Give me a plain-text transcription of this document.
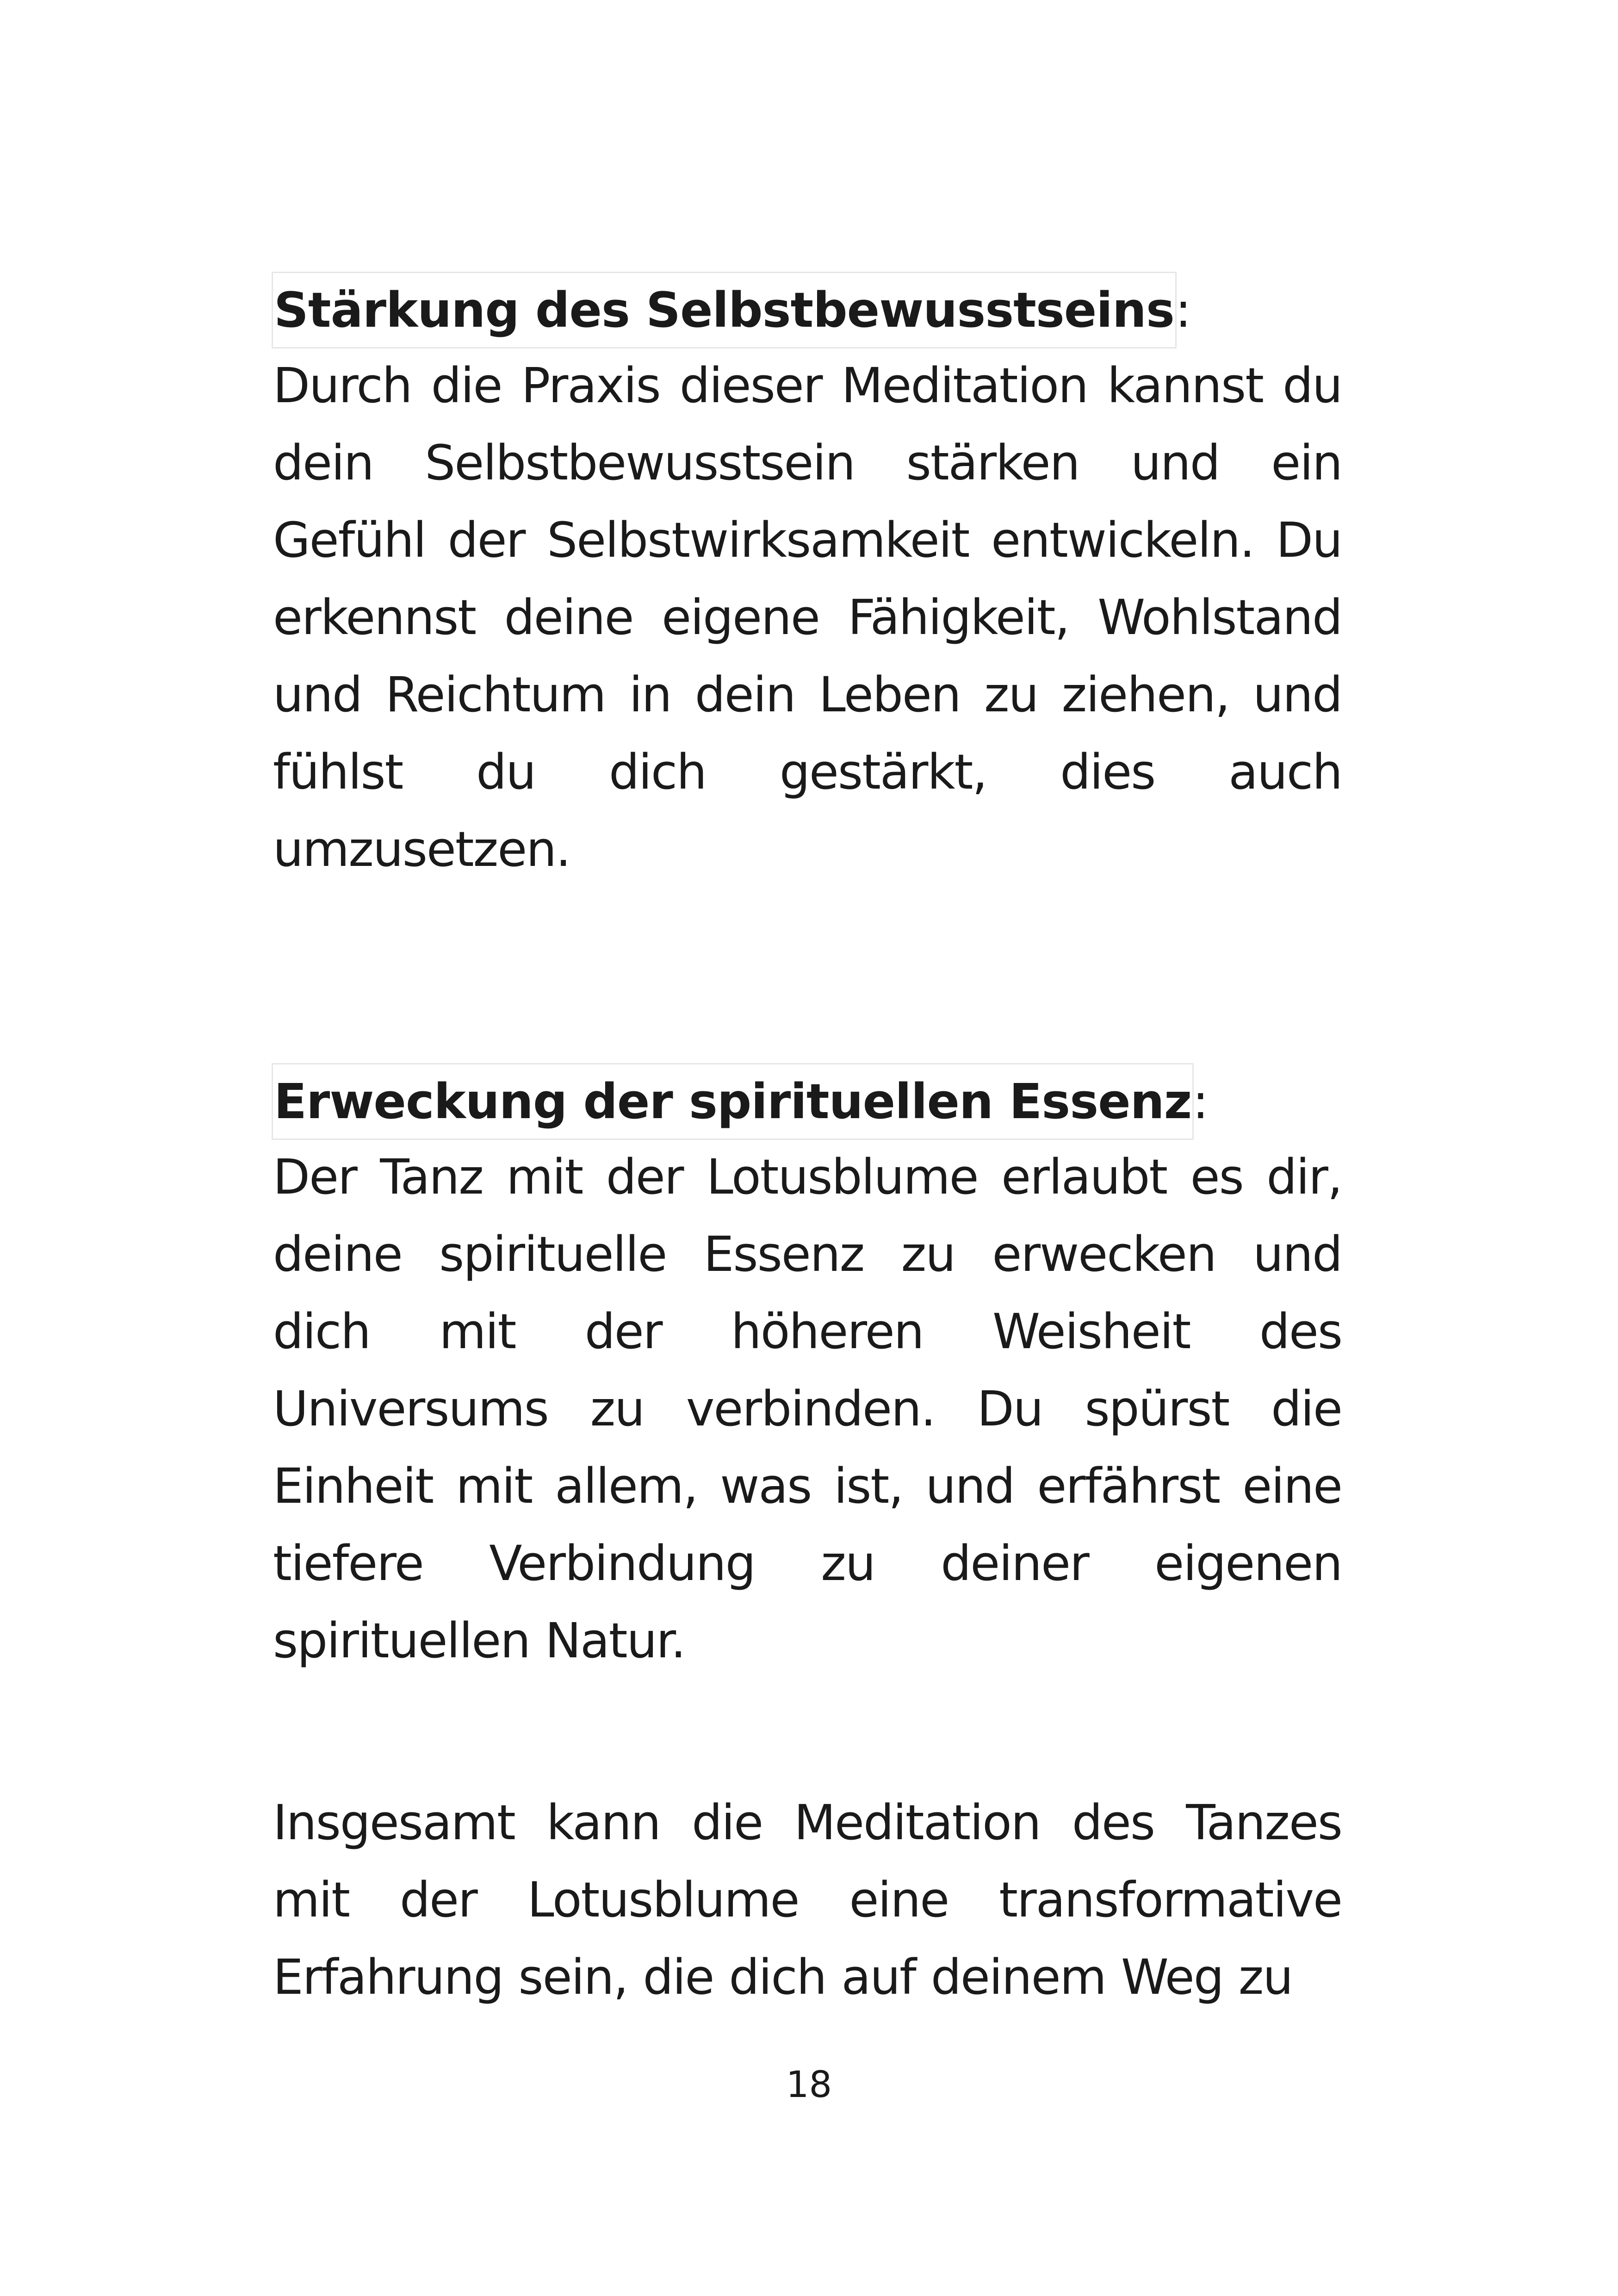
Stärkung des Selbstbewusstseins:

Durch die Praxis dieser Meditation kannst du dein Selbstbewusstsein stärken und ein Gefühl der Selbstwirksamkeit entwickeln. Du erkennst deine eigene Fähigkeit, Wohlstand und Reichtum in dein Leben zu ziehen, und fühlst du dich gestärkt, dies auch umzusetzen.

Erweckung der spirituellen Essenz:

Der Tanz mit der Lotusblume erlaubt es dir, deine spirituelle Essenz zu erwecken und dich mit der höheren Weisheit des Universums zu verbinden. Du spürst die Einheit mit allem, was ist, und erfährst eine tiefere Verbindung zu deiner eigenen spirituellen Natur.

Insgesamt kann die Meditation des Tanzes mit der Lotusblume eine transformative Erfahrung sein, die dich auf deinem Weg zu

18
